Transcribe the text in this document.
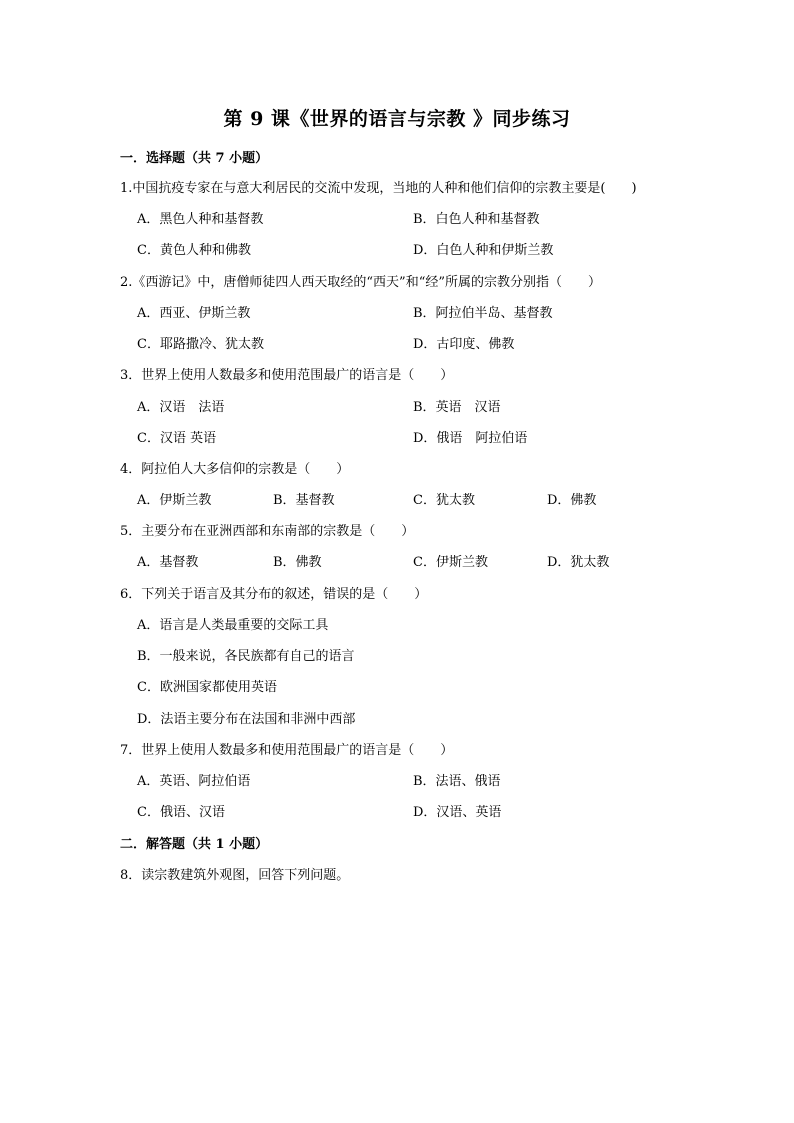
第 9 课《世界的语言与宗教 》同步练习
一．选择题（共 7 小题）
1.中国抗疫专家在与意大利居民的交流中发现，当地的人种和他们信仰的宗教主要是(　　)
A．黑色人种和基督教	B．白色人种和基督教
C．黄色人种和佛教	D．白色人种和伊斯兰教
2.《西游记》中，唐僧师徒四人西天取经的“西天”和“经”所属的宗教分别指（　　）
A．西亚、伊斯兰教	B．阿拉伯半岛、基督教
C．耶路撒冷、犹太教	D．古印度、佛教
3．世界上使用人数最多和使用范围最广的语言是（　　）
A．汉语　法语	B．英语　汉语
C．汉语 英语	D．俄语　阿拉伯语
4．阿拉伯人大多信仰的宗教是（　　）
A．伊斯兰教	B．基督教	C．犹太教	D．佛教
5．主要分布在亚洲西部和东南部的宗教是（　　）
A．基督教	B．佛教	C．伊斯兰教	D．犹太教
6．下列关于语言及其分布的叙述，错误的是（　　）
A．语言是人类最重要的交际工具
B．一般来说，各民族都有自己的语言
C．欧洲国家都使用英语
D．法语主要分布在法国和非洲中西部
7．世界上使用人数最多和使用范围最广的语言是（　　）
A．英语、阿拉伯语	B．法语、俄语
C．俄语、汉语	D．汉语、英语
二．解答题（共 1 小题）
8．读宗教建筑外观图，回答下列问题。
